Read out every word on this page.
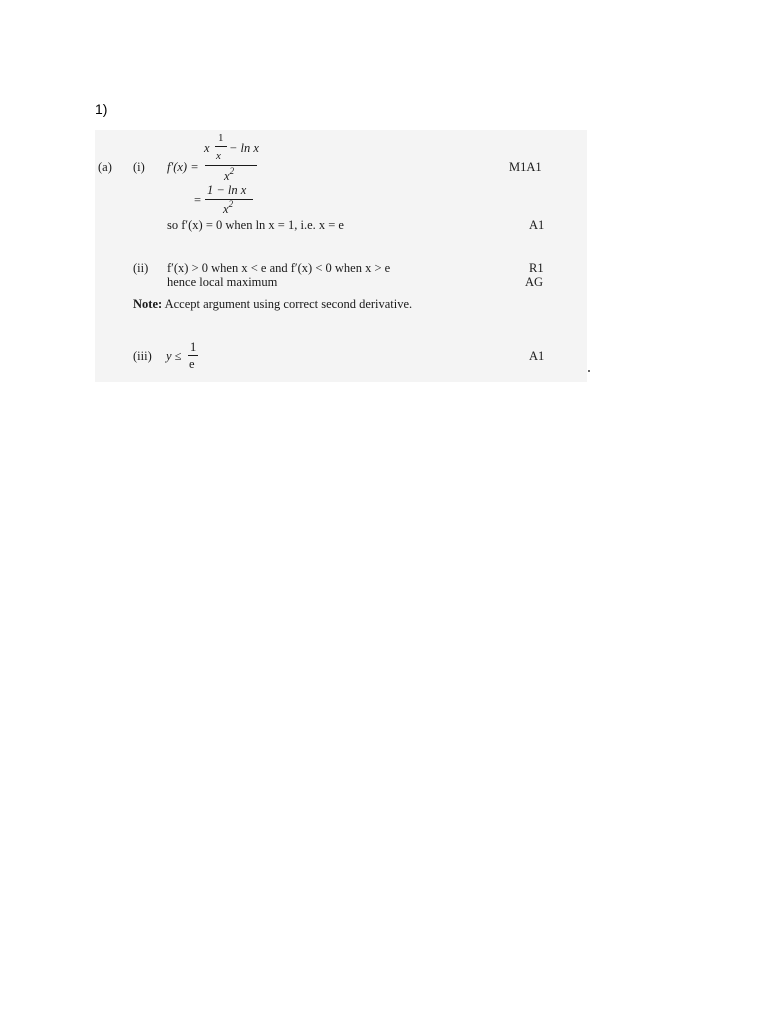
1)
(a) (i) f′(x) =
1
x
x
− ln x
$x^2$
=
1 − ln x
$x^2$
so f′(x) = 0 when ln x = 1, i.e. x = e
M1A1
A1
(ii) f′(x) > 0 when x < e and f′(x) < 0 when x > e
hence local maximum
R1
AG
Note: Accept argument using correct second derivative.
(iii) y ≤
1
e
A1
